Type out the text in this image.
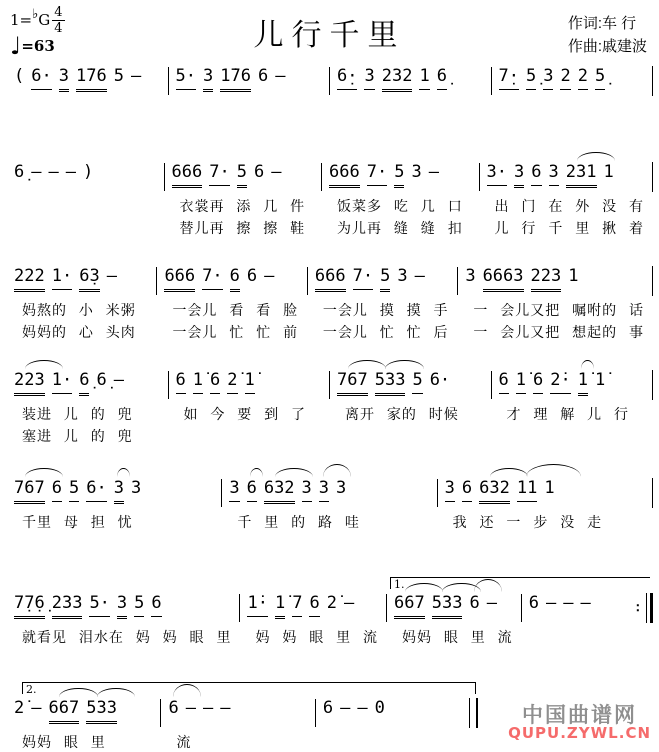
1= ♭ G $\frac{4}{4}$
♩ =63	儿行千里	作词:车 行
作曲:戚建波
( 6· 3 1̇76 5 – 5· 3 1̇76 6 –	6̣· 3 232 1 6̣	7̣· 5̣ 3 2 2 5̣
6̣ – – – )	666 7· 5 6 –
衣裳再 添 几 件
替儿再 擦 擦 鞋
666 7· 5 3 –
饭菜多 吃 几 口
为儿再 缝 缝 扣
3· 3 6 3 231 1
出 门 在 外 没 有
儿 行 千 里 揪 着
222 1· 6̣3 –
妈熬的 小 米粥
妈妈的 心 头肉
666 7· 6 6 –
一会儿 看 看 脸
一会儿 忙 忙 前
666 7· 5 3 –
一会儿 摸 摸 手
一会儿 忙 忙 后
3 6663 223 1
一 会儿又把 嘱咐的 话
一 会儿又把 想起的 事
223 1· 6̣ 6̣ –
装进 儿 的 兜
塞进 儿 的 兜
6 1̇ 6 2̇ 1̇
如 今 要 到 了
767 533 5 6·
离开 家的 时候
6 1̇ 6 2̇· 1̇ 1̇
才 理 解 儿 行
767 6 5 6· 3 3
千里 母 担 忧
3 6 632 3 3 3
千 里 的 路 哇
3 6 632 11 1
我 还 一 步 没 走
7̣7̣6̣ 233 5· 3 5 6
就看见 泪水在 妈 妈 眼 里
1̇· 1̇ 7 6 2̇ –
妈 妈 眼 里 流
667 533 6 –
妈妈 眼 里 流
6 – – –
∶
1.
2̇ – 667 533
妈妈 眼 里
6 – – –
流
6 – – 0
2.
中国曲谱网
QUPU.ZYWL.CN
